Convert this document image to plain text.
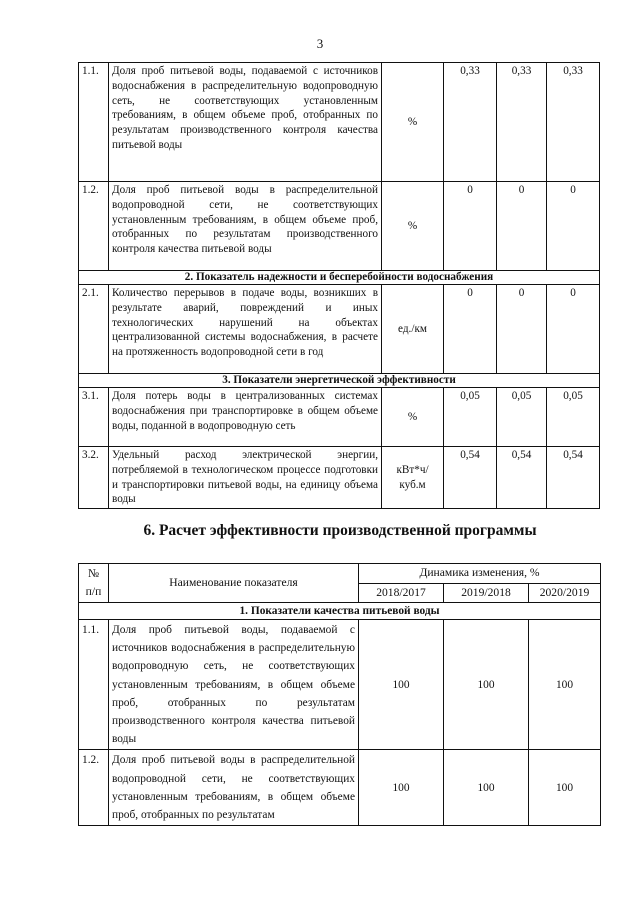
3
1.1.	Доля проб питьевой воды, подаваемой с источников водоснабжения в распределительную водопроводную сеть, не соответствующих установленным требованиям, в общем объеме проб, отобранных по результатам производственного контроля качества питьевой воды	%	0,33	0,33	0,33
1.2.	Доля проб питьевой воды в распределительной водопроводной сети, не соответствующих установленным требованиям, в общем объеме проб, отобранных по результатам производственного контроля качества питьевой воды	%	0	0	0
2. Показатель надежности и бесперебойности водоснабжения					
2.1.	Количество перерывов в подаче воды, возникших в результате аварий, повреждений и иных технологических нарушений на объектах централизованной системы водоснабжения, в расчете на протяженность водопроводной сети в год	ед./км	0	0	0
3. Показатели энергетической эффективности					
3.1.	Доля потерь воды в централизованных системах водоснабжения при транспортировке в общем объеме воды, поданной в водопроводную сеть	%	0,05	0,05	0,05
3.2.	Удельный расход электрической энергии, потребляемой в технологическом процессе подготовки и транспортировки питьевой воды, на единицу объема воды	кВт*ч/куб.м	0,54	0,54	0,54
6. Расчет эффективности производственной программы
№ п/п	Наименование показателя	Динамика изменения, %		
		2018/2017	2019/2018	2020/2019
1. Показатели качества питьевой воды				
1.1.	Доля проб питьевой воды, подаваемой с источников водоснабжения в распределительную водопроводную сеть, не соответствующих установленным требованиям, в общем объеме проб, отобранных по результатам производственного контроля качества питьевой воды	100	100	100
1.2.	Доля проб питьевой воды в распределительной водопроводной сети, не соответствующих установленным требованиям, в общем объеме проб, отобранных по результатам	100	100	100
